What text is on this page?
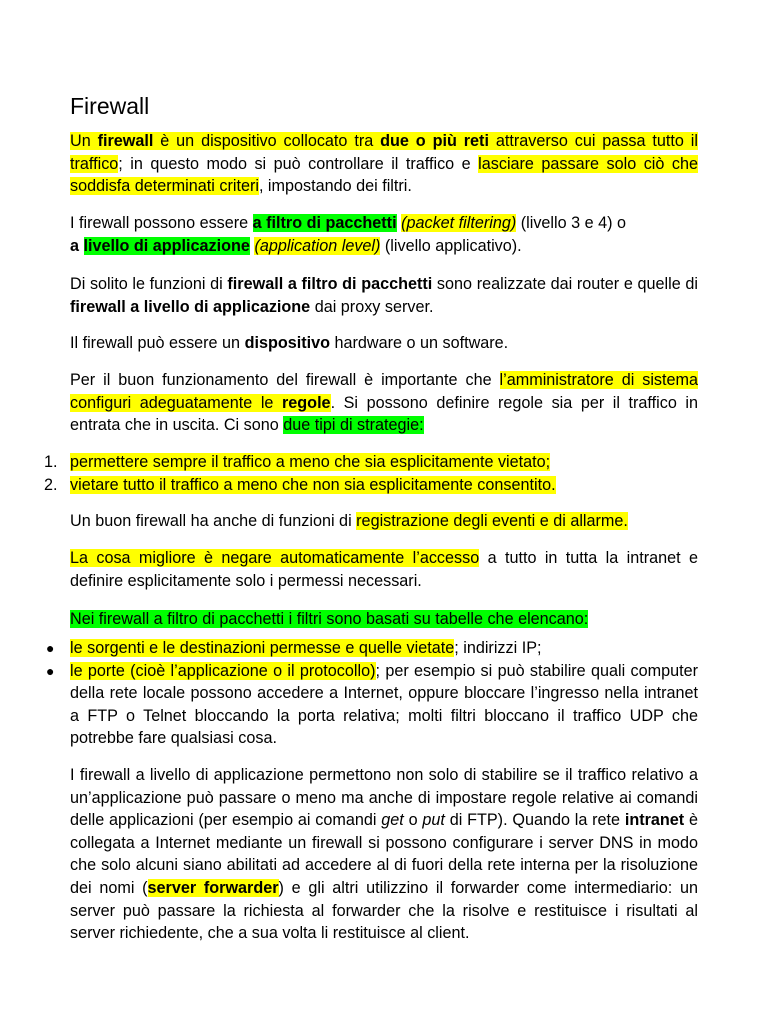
Firewall

Un firewall è un dispositivo collocato tra due o più reti attraverso cui passa tutto il traffico; in questo modo si può controllare il traffico e lasciare passare solo ciò che soddisfa determinati criteri, impostando dei filtri.

I firewall possono essere a filtro di pacchetti (packet filtering) (livello 3 e 4) o
a livello di applicazione (application level) (livello applicativo).

Di solito le funzioni di firewall a filtro di pacchetti sono realizzate dai router e quelle di firewall a livello di applicazione dai proxy server.

Il firewall può essere un dispositivo hardware o un software.

Per il buon funzionamento del firewall è importante che l’amministratore di sistema configuri adeguatamente le regole. Si possono definire regole sia per il traffico in entrata che in uscita. Ci sono due tipi di strategie:

1. permettere sempre il traffico a meno che sia esplicitamente vietato;
2. vietare tutto il traffico a meno che non sia esplicitamente consentito.

Un buon firewall ha anche di funzioni di registrazione degli eventi e di allarme.

La cosa migliore è negare automaticamente l’accesso a tutto in tutta la intranet e definire esplicitamente solo i permessi necessari.

Nei firewall a filtro di pacchetti i filtri sono basati su tabelle che elencano:

● le sorgenti e le destinazioni permesse e quelle vietate; indirizzi IP;
● le porte (cioè l’applicazione o il protocollo); per esempio si può stabilire quali computer della rete locale possono accedere a Internet, oppure bloccare l’ingresso nella intranet a FTP o Telnet bloccando la porta relativa; molti filtri bloccano il traffico UDP che potrebbe fare qualsiasi cosa.

I firewall a livello di applicazione permettono non solo di stabilire se il traffico relativo a un’applicazione può passare o meno ma anche di impostare regole relative ai comandi delle applicazioni (per esempio ai comandi get o put di FTP). Quando la rete intranet è collegata a Internet mediante un firewall si possono configurare i server DNS in modo che solo alcuni siano abilitati ad accedere al di fuori della rete interna per la risoluzione dei nomi (server forwarder) e gli altri utilizzino il forwarder come intermediario: un server può passare la richiesta al forwarder che la risolve e restituisce i risultati al server richiedente, che a sua volta li restituisce al client.
